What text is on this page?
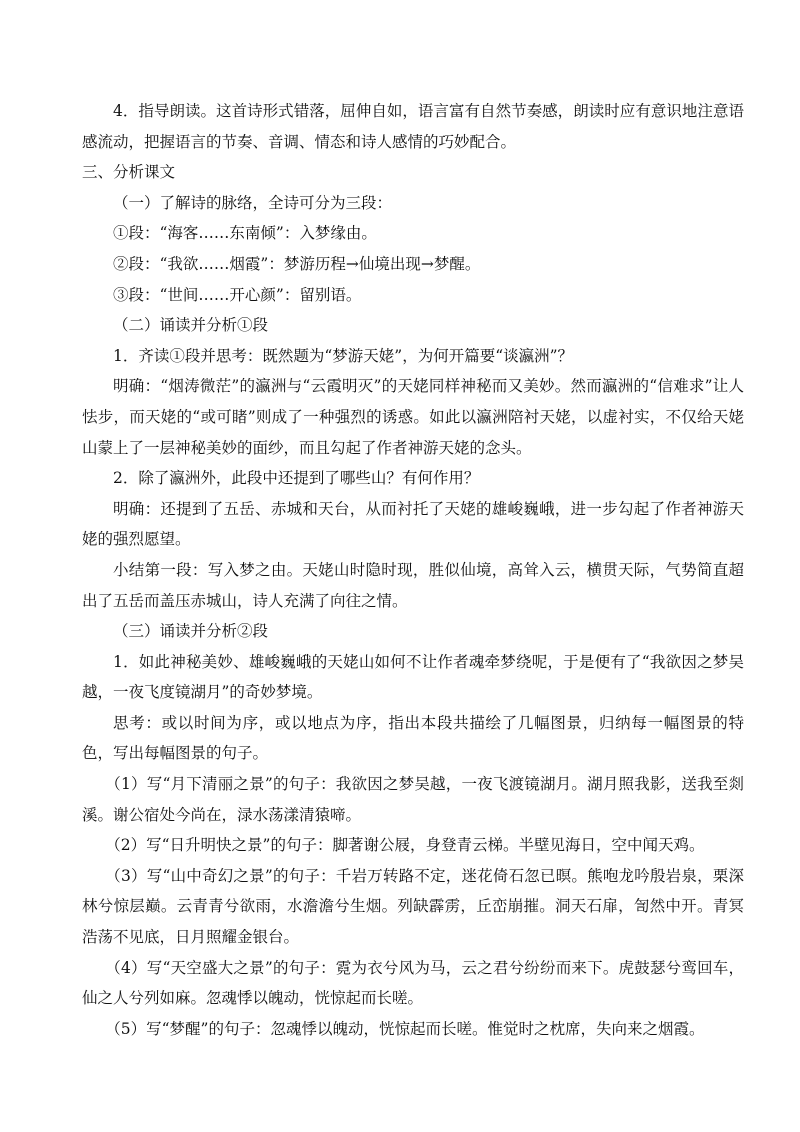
4．指导朗读。这首诗形式错落，屈伸自如，语言富有自然节奏感，朗读时应有意识地注意语感流动，把握语言的节奏、音调、情态和诗人感情的巧妙配合。

三、分析课文

（一）了解诗的脉络，全诗可分为三段：

①段：“海客……东南倾”：入梦缘由。

②段：“我欲……烟霞”：梦游历程→仙境出现→梦醒。

③段：“世间……开心颜”：留别语。

（二）诵读并分析①段

1．齐读①段并思考：既然题为“梦游天姥”，为何开篇要“谈瀛洲”？

明确：“烟涛微茫”的瀛洲与“云霞明灭”的天姥同样神秘而又美妙。然而瀛洲的“信难求”让人怯步，而天姥的“或可睹”则成了一种强烈的诱惑。如此以瀛洲陪衬天姥，以虚衬实，不仅给天姥山蒙上了一层神秘美妙的面纱，而且勾起了作者神游天姥的念头。

2．除了瀛洲外，此段中还提到了哪些山？有何作用？

明确：还提到了五岳、赤城和天台，从而衬托了天姥的雄峻巍峨，进一步勾起了作者神游天姥的强烈愿望。

小结第一段：写入梦之由。天姥山时隐时现，胜似仙境，高耸入云，横贯天际，气势简直超出了五岳而盖压赤城山，诗人充满了向往之情。

（三）诵读并分析②段

1．如此神秘美妙、雄峻巍峨的天姥山如何不让作者魂牵梦绕呢，于是便有了“我欲因之梦吴越，一夜飞度镜湖月”的奇妙梦境。

思考：或以时间为序，或以地点为序，指出本段共描绘了几幅图景，归纳每一幅图景的特色，写出每幅图景的句子。

（1）写“月下清丽之景”的句子：我欲因之梦吴越，一夜飞渡镜湖月。湖月照我影，送我至剡溪。谢公宿处今尚在，渌水荡漾清猿啼。

（2）写“日升明快之景”的句子：脚著谢公屐，身登青云梯。半壁见海日，空中闻天鸡。

（3）写“山中奇幻之景”的句子：千岩万转路不定，迷花倚石忽已暝。熊咆龙吟殷岩泉，栗深林兮惊层巅。云青青兮欲雨，水澹澹兮生烟。列缺霹雳，丘峦崩摧。洞天石扉，訇然中开。青冥浩荡不见底，日月照耀金银台。

（4）写“天空盛大之景”的句子：霓为衣兮风为马，云之君兮纷纷而来下。虎鼓瑟兮鸾回车，仙之人兮列如麻。忽魂悸以魄动，恍惊起而长嗟。

（5）写“梦醒”的句子：忽魂悸以魄动，恍惊起而长嗟。惟觉时之枕席，失向来之烟霞。
